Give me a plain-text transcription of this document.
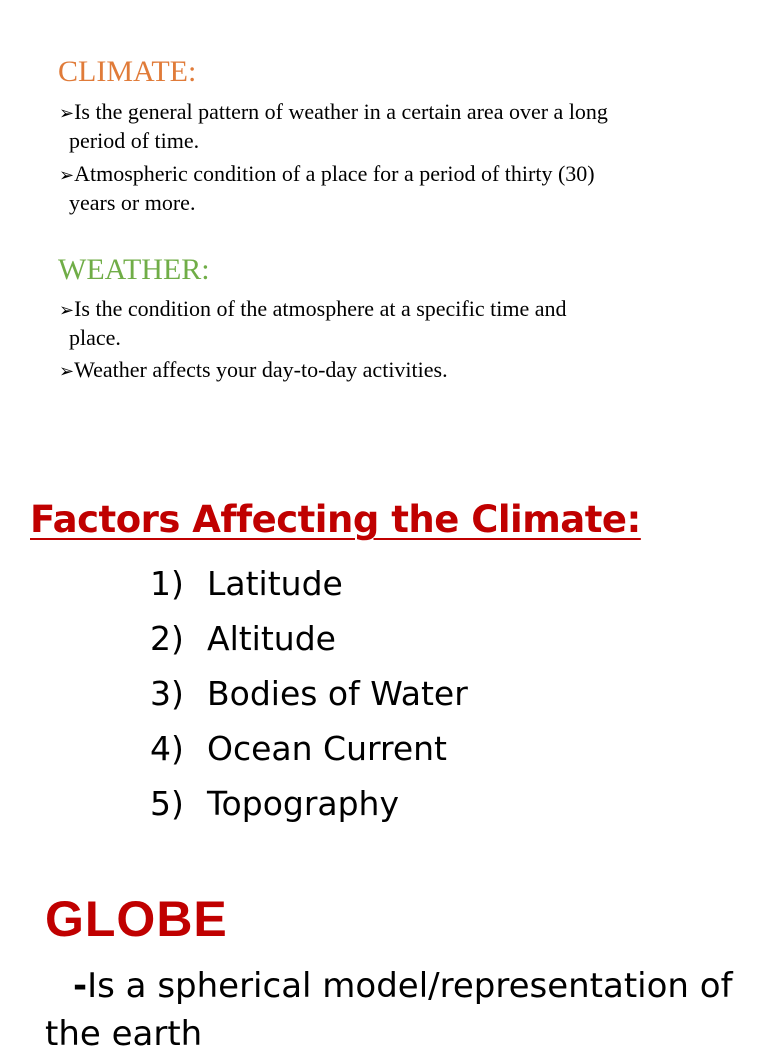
CLIMATE:
➢Is the general pattern of weather in a certain area over a long
period of time.
➢Atmospheric condition of a place for a period of thirty (30)
years or more.
WEATHER:
➢Is the condition of the atmosphere at a specific time and
place.
➢Weather affects your day-to-day activities.
Factors Affecting the Climate:
1) Latitude
2) Altitude
3) Bodies of Water
4) Ocean Current
5) Topography
GLOBE
-Is a spherical model/representation of
the earth
